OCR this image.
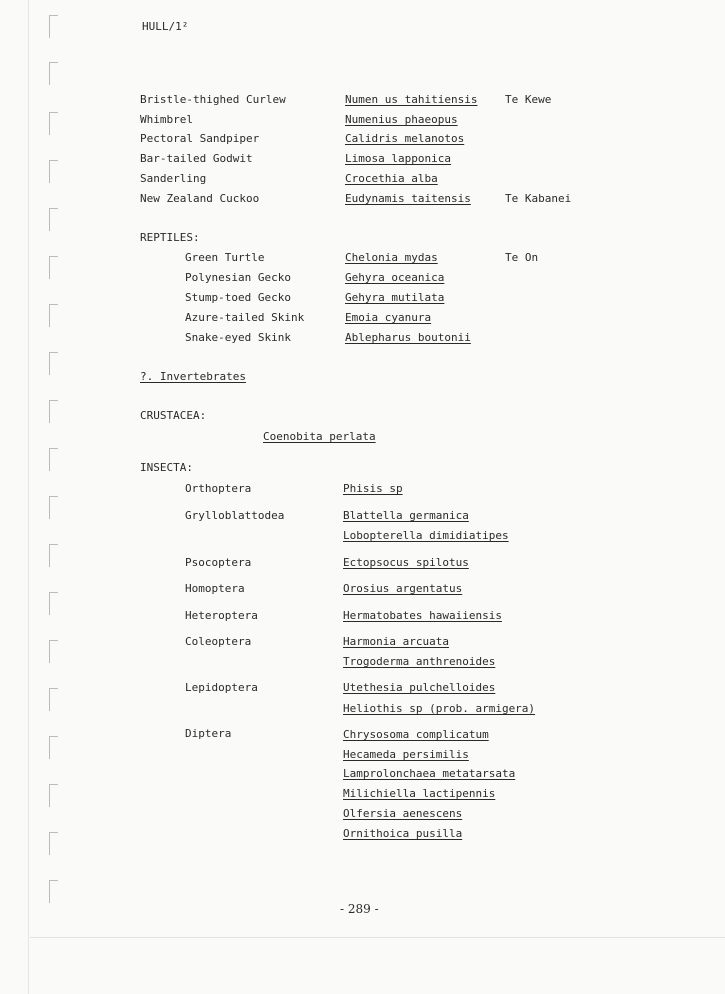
HULL/1²
Bristle-thighed Curlew	Numen us tahitiensis	Te Kewe
Whimbrel	Numenius phaeopus
Pectoral Sandpiper	Calidris melanotos
Bar-tailed Godwit	Limosa lapponica
Sanderling	Crocethia alba
New Zealand Cuckoo	Eudynamis taitensis	Te Kabanei
REPTILES:
Green Turtle	Chelonia mydas	Te On
Polynesian Gecko	Gehyra oceanica
Stump-toed Gecko	Gehyra mutilata
Azure-tailed Skink	Emoia cyanura
Snake-eyed Skink	Ablepharus boutonii
?. Invertebrates
CRUSTACEA:
Coenobita perlata
INSECTA:
Orthoptera	Phisis sp
Grylloblattodea	Blattella germanica
Lobopterella dimidiatipes
Psocoptera	Ectopsocus spilotus
Homoptera	Orosius argentatus
Heteroptera	Hermatobates hawaiiensis
Coleoptera	Harmonia arcuata
Trogoderma anthrenoides
Lepidoptera	Utethesia pulchelloides
Heliothis sp (prob. armigera)
Diptera	Chrysosoma complicatum
Hecameda persimilis
Lamprolonchaea metatarsata
Milichiella lactipennis
Olfersia aenescens
Ornithoica pusilla
- 289 -
